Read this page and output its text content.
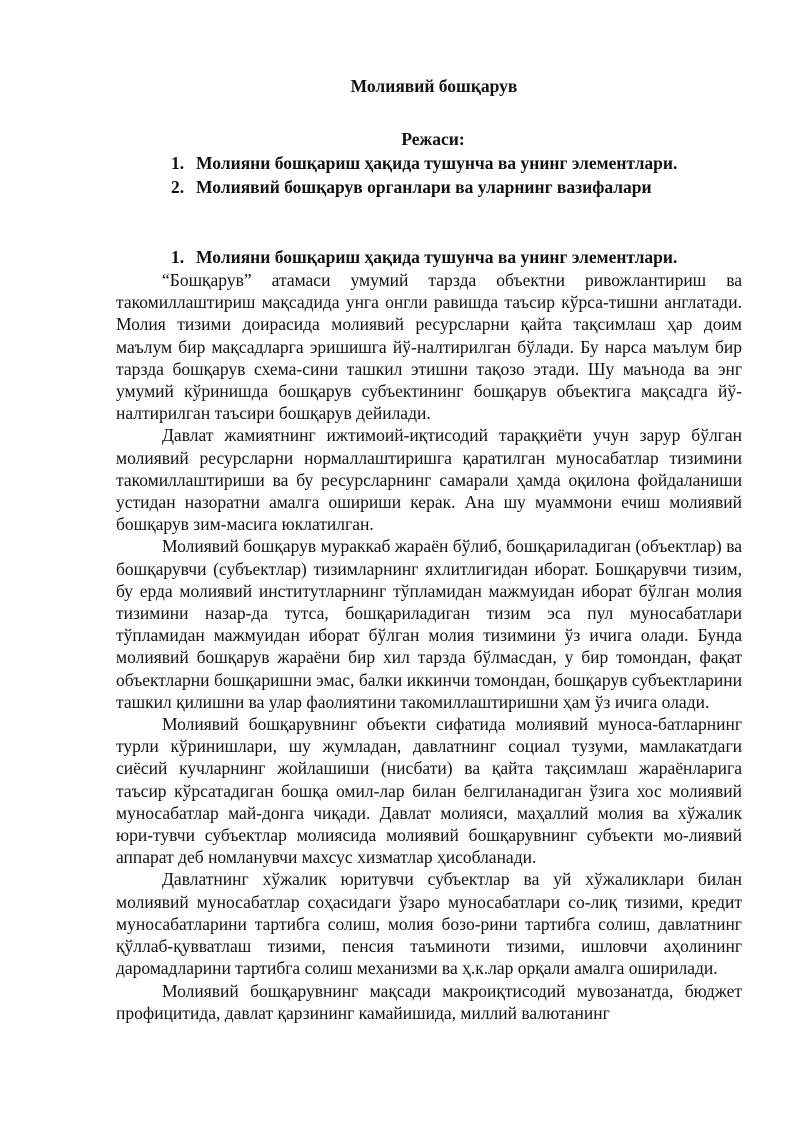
Молиявий бошқарув
Режаси:
1. Молияни бошқариш ҳақида тушунча ва унинг элементлари.
2. Молиявий бошқарув органлари ва уларнинг вазифалари
1. Молияни бошқариш ҳақида тушунча ва унинг элементлари.

“Бошқарув” атамаси умумий тарзда объектни ривожлантириш ва такомиллаштириш мақсадида унга онгли равишда таъсир кўрса-тишни англатади. Молия тизими доирасида молиявий ресурсларни қайта тақсимлаш ҳар доим маълум бир мақсадларга эришишга йў-налтирилган бўлади. Бу нарса маълум бир тарзда бошқарув схема-сини ташкил этишни тақозо этади. Шу маънода ва энг умумий кўринишда бошқарув субъектининг бошқарув объектига мақсадга йў-налтирилган таъсири бошқарув дейилади.

Давлат жамиятнинг ижтимоий-иқтисодий тараққиёти учун зарур бўлган молиявий ресурсларни нормаллаштиришга қаратилган муносабатлар тизимини такомиллаштириши ва бу ресурсларнинг самарали ҳамда оқилона фойдаланиши устидан назоратни амалга ошириши керак. Ана шу муаммони ечиш молиявий бошқарув зим-масига юклатилган.

Молиявий бошқарув мураккаб жараён бўлиб, бошқариладиган (объектлар) ва бошқарувчи (субъектлар) тизимларнинг яхлитлигидан иборат. Бошқарувчи тизим, бу ерда молиявий институтларнинг тўпламидан мажмуидан иборат бўлган молия тизимини назар-да тутса, бошқариладиган тизим эса пул муносабатлари тўпламидан мажмуидан иборат бўлган молия тизимини ўз ичига олади. Бунда молиявий бошқарув жараёни бир хил тарзда бўлмасдан, у бир томондан, фақат объектларни бошқаришни эмас, балки иккинчи томондан, бошқарув субъектларини ташкил қилишни ва улар фаолиятини такомиллаштиришни ҳам ўз ичига олади.

Молиявий бошқарувнинг объекти сифатида молиявий муноса-батларнинг турли кўринишлари, шу жумладан, давлатнинг социал тузуми, мамлакатдаги сиёсий кучларнинг жойлашиши (нисбати) ва қайта тақсимлаш жараёнларига таъсир кўрсатадиган бошқа омил-лар билан белгиланадиган ўзига хос молиявий муносабатлар май-донга чиқади. Давлат молияси, маҳаллий молия ва хўжалик юри-тувчи субъектлар молиясида молиявий бошқарувнинг субъекти мо-лиявий аппарат деб номланувчи махсус хизматлар ҳисобланади.

Давлатнинг хўжалик юритувчи субъектлар ва уй хўжаликлари билан молиявий муносабатлар соҳасидаги ўзаро муносабатлари со-лиқ тизими, кредит муносабатларини тартибга солиш, молия бозо-рини тартибга солиш, давлатнинг қўллаб-қувватлаш тизими, пенсия таъминоти тизими, ишловчи аҳолининг даромадларини тартибга солиш механизми ва ҳ.к.лар орқали амалга оширилади.

Молиявий бошқарувнинг мақсади макроиқтисодий мувозанатда, бюджет профицитида, давлат қарзининг камайишида, миллий валютанинг
